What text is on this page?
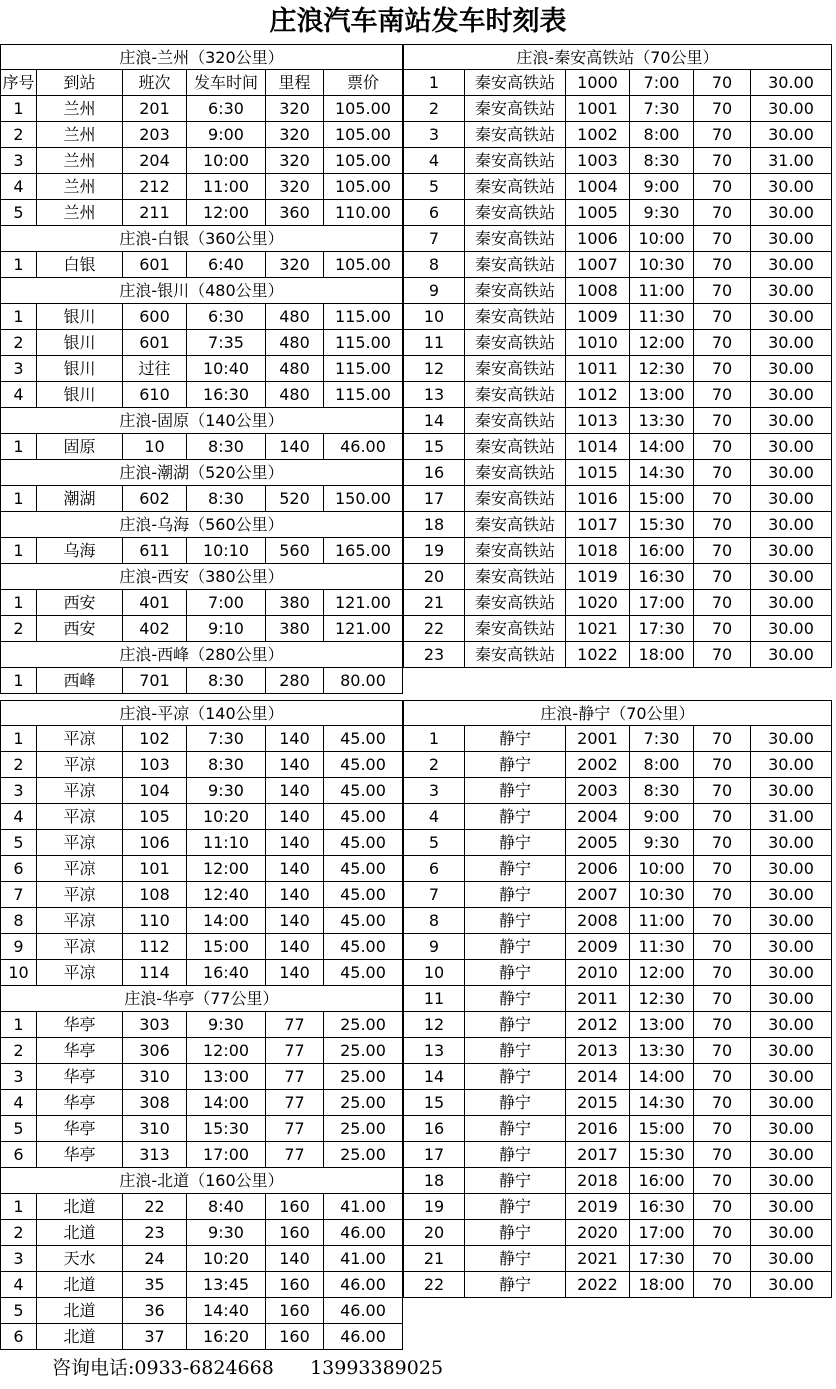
庄浪汽车南站发车时刻表
庄浪-兰州（320公里）
序号	到站	班次	发车时间	里程	票价
1	兰州	201	6:30	320	105.00
2	兰州	203	9:00	320	105.00
3	兰州	204	10:00	320	105.00
4	兰州	212	11:00	320	105.00
5	兰州	211	12:00	360	110.00
庄浪-白银（360公里）
1	白银	601	6:40	320	105.00
庄浪-银川（480公里）
1	银川	600	6:30	480	115.00
2	银川	601	7:35	480	115.00
3	银川	过往	10:40	480	115.00
4	银川	610	16:30	480	115.00
庄浪-固原（140公里）
1	固原	10	8:30	140	46.00
庄浪-潮湖（520公里）
1	潮湖	602	8:30	520	150.00
庄浪-乌海（560公里）
1	乌海	611	10:10	560	165.00
庄浪-西安（380公里）
1	西安	401	7:00	380	121.00
2	西安	402	9:10	380	121.00
庄浪-西峰（280公里）
1	西峰	701	8:30	280	80.00
庄浪-秦安高铁站（70公里）
1	秦安高铁站	1000	7:00	70	30.00
2	秦安高铁站	1001	7:30	70	30.00
3	秦安高铁站	1002	8:00	70	30.00
4	秦安高铁站	1003	8:30	70	31.00
5	秦安高铁站	1004	9:00	70	30.00
6	秦安高铁站	1005	9:30	70	30.00
7	秦安高铁站	1006	10:00	70	30.00
8	秦安高铁站	1007	10:30	70	30.00
9	秦安高铁站	1008	11:00	70	30.00
10	秦安高铁站	1009	11:30	70	30.00
11	秦安高铁站	1010	12:00	70	30.00
12	秦安高铁站	1011	12:30	70	30.00
13	秦安高铁站	1012	13:00	70	30.00
14	秦安高铁站	1013	13:30	70	30.00
15	秦安高铁站	1014	14:00	70	30.00
16	秦安高铁站	1015	14:30	70	30.00
17	秦安高铁站	1016	15:00	70	30.00
18	秦安高铁站	1017	15:30	70	30.00
19	秦安高铁站	1018	16:00	70	30.00
20	秦安高铁站	1019	16:30	70	30.00
21	秦安高铁站	1020	17:00	70	30.00
22	秦安高铁站	1021	17:30	70	30.00
23	秦安高铁站	1022	18:00	70	30.00
庄浪-平凉（140公里）
1	平凉	102	7:30	140	45.00
2	平凉	103	8:30	140	45.00
3	平凉	104	9:30	140	45.00
4	平凉	105	10:20	140	45.00
5	平凉	106	11:10	140	45.00
6	平凉	101	12:00	140	45.00
7	平凉	108	12:40	140	45.00
8	平凉	110	14:00	140	45.00
9	平凉	112	15:00	140	45.00
10	平凉	114	16:40	140	45.00
庄浪-华亭（77公里）
1	华亭	303	9:30	77	25.00
2	华亭	306	12:00	77	25.00
3	华亭	310	13:00	77	25.00
4	华亭	308	14:00	77	25.00
5	华亭	310	15:30	77	25.00
6	华亭	313	17:00	77	25.00
庄浪-北道（160公里）
1	北道	22	8:40	160	41.00
2	北道	23	9:30	160	46.00
3	天水	24	10:20	140	41.00
4	北道	35	13:45	160	46.00
5	北道	36	14:40	160	46.00
6	北道	37	16:20	160	46.00
庄浪-静宁（70公里）
1	静宁	2001	7:30	70	30.00
2	静宁	2002	8:00	70	30.00
3	静宁	2003	8:30	70	30.00
4	静宁	2004	9:00	70	31.00
5	静宁	2005	9:30	70	30.00
6	静宁	2006	10:00	70	30.00
7	静宁	2007	10:30	70	30.00
8	静宁	2008	11:00	70	30.00
9	静宁	2009	11:30	70	30.00
10	静宁	2010	12:00	70	30.00
11	静宁	2011	12:30	70	30.00
12	静宁	2012	13:00	70	30.00
13	静宁	2013	13:30	70	30.00
14	静宁	2014	14:00	70	30.00
15	静宁	2015	14:30	70	30.00
16	静宁	2016	15:00	70	30.00
17	静宁	2017	15:30	70	30.00
18	静宁	2018	16:00	70	30.00
19	静宁	2019	16:30	70	30.00
20	静宁	2020	17:00	70	30.00
21	静宁	2021	17:30	70	30.00
22	静宁	2022	18:00	70	30.00
咨询电话:0933-6824668 13993389025
